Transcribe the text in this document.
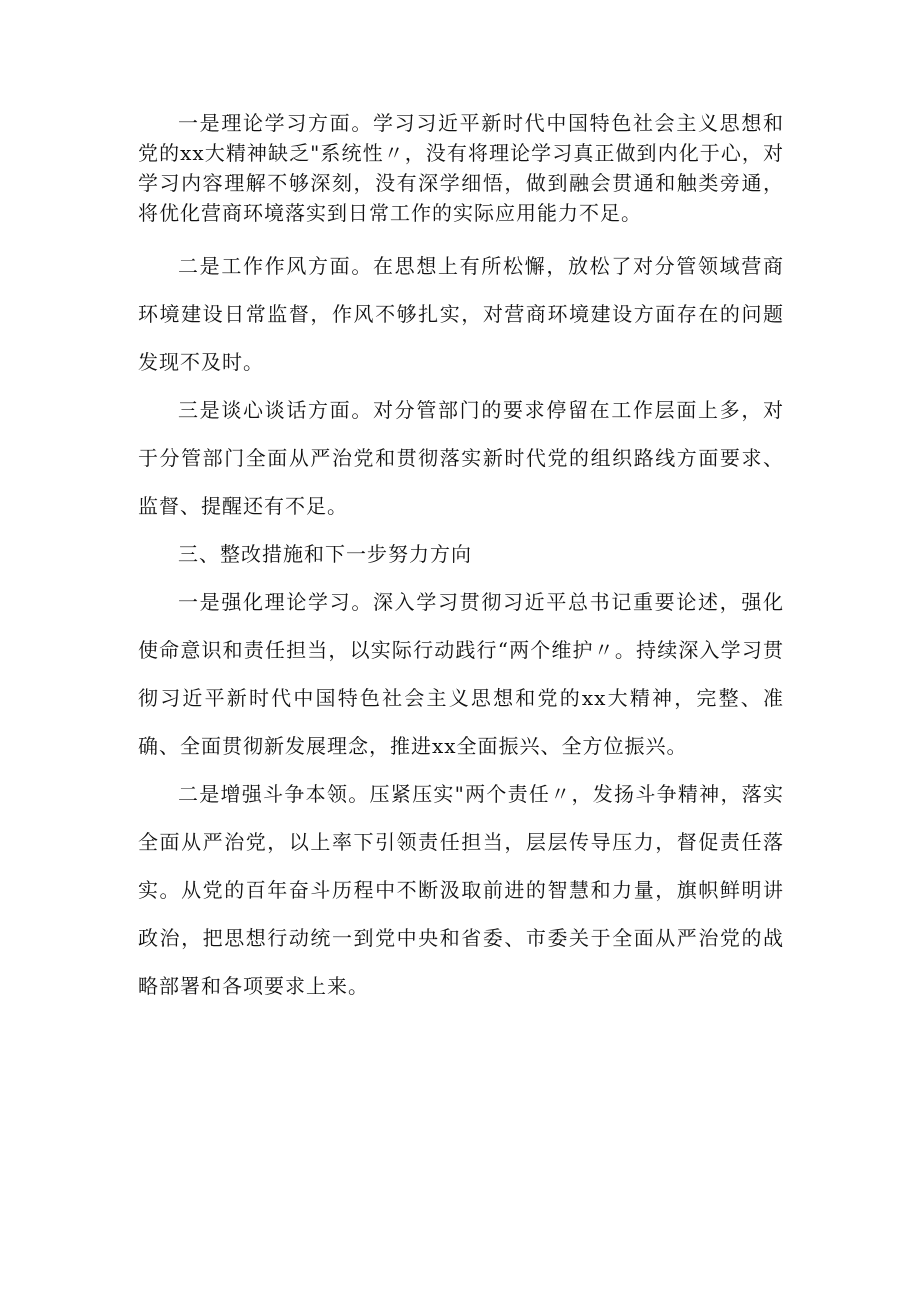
一是理论学习方面。学习习近平新时代中国特色社会主义思想和党的xx大精神缺乏"系统性〃，没有将理论学习真正做到内化于心，对学习内容理解不够深刻，没有深学细悟，做到融会贯通和触类旁通，将优化营商环境落实到日常工作的实际应用能力不足。

二是工作作风方面。在思想上有所松懈，放松了对分管领域营商环境建设日常监督，作风不够扎实，对营商环境建设方面存在的问题发现不及时。

三是谈心谈话方面。对分管部门的要求停留在工作层面上多，对于分管部门全面从严治党和贯彻落实新时代党的组织路线方面要求、监督、提醒还有不足。

三、整改措施和下一步努力方向

一是强化理论学习。深入学习贯彻习近平总书记重要论述，强化使命意识和责任担当，以实际行动践行“两个维护〃。持续深入学习贯彻习近平新时代中国特色社会主义思想和党的xx大精神，完整、准确、全面贯彻新发展理念，推进xx全面振兴、全方位振兴。

二是增强斗争本领。压紧压实"两个责任〃，发扬斗争精神，落实全面从严治党，以上率下引领责任担当，层层传导压力，督促责任落实。从党的百年奋斗历程中不断汲取前进的智慧和力量，旗帜鲜明讲政治，把思想行动统一到党中央和省委、市委关于全面从严治党的战略部署和各项要求上来。
